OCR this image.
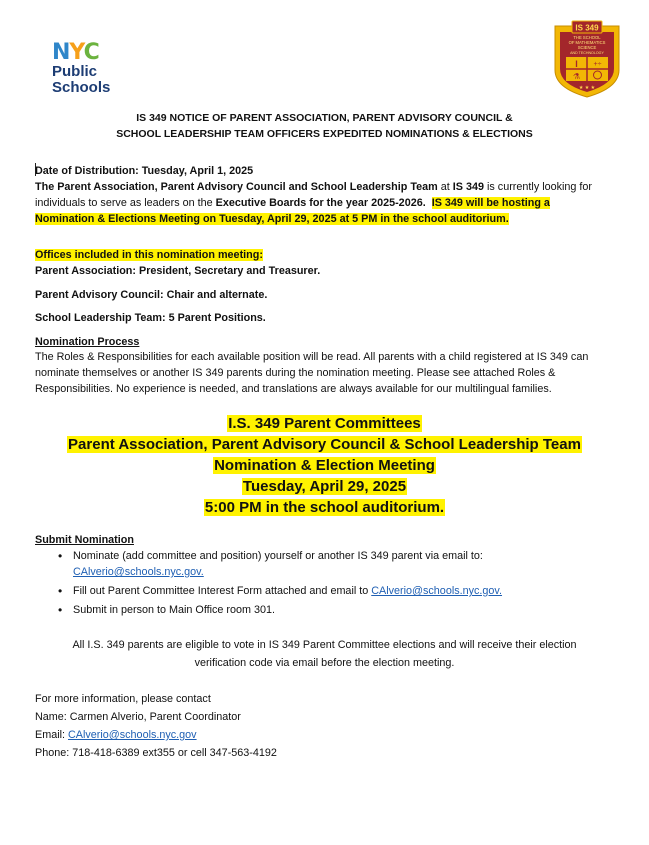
NYC
Public
Schools
IS 349
THE SCHOOL
OF MATHEMATICS
SCIENCE
AND TECHNOLOGY
I +÷
⚗
★ ★ ★
IS 349 NOTICE OF PARENT ASSOCIATION, PARENT ADVISORY COUNCIL &
SCHOOL LEADERSHIP TEAM OFFICERS EXPEDITED NOMINATIONS & ELECTIONS
Date of Distribution: Tuesday, April 1, 2025
The Parent Association, Parent Advisory Council and School Leadership Team at IS 349 is currently looking for individuals to serve as leaders on the Executive Boards for the year 2025-2026. IS 349 will be hosting a Nomination & Elections Meeting on Tuesday, April 29, 2025 at 5 PM in the school auditorium.
Offices included in this nomination meeting:
Parent Association: President, Secretary and Treasurer.
Parent Advisory Council: Chair and alternate.
School Leadership Team: 5 Parent Positions.
Nomination Process
The Roles & Responsibilities for each available position will be read. All parents with a child registered at IS 349 can nominate themselves or another IS 349 parents during the nomination meeting. Please see attached Roles & Responsibilities. No experience is needed, and translations are always available for our multilingual families.
I.S. 349 Parent Committees
Parent Association, Parent Advisory Council & School Leadership Team
Nomination & Election Meeting
Tuesday, April 29, 2025
5:00 PM in the school auditorium.
Submit Nomination
• Nominate (add committee and position) yourself or another IS 349 parent via email to:
CAlverio@schools.nyc.gov.
• Fill out Parent Committee Interest Form attached and email to CAlverio@schools.nyc.gov.
• Submit in person to Main Office room 301.
All I.S. 349 parents are eligible to vote in IS 349 Parent Committee elections and will receive their election
verification code via email before the election meeting.
For more information, please contact
Name: Carmen Alverio, Parent Coordinator
Email: CAlverio@schools.nyc.gov
Phone: 718-418-6389 ext355 or cell 347-563-4192
